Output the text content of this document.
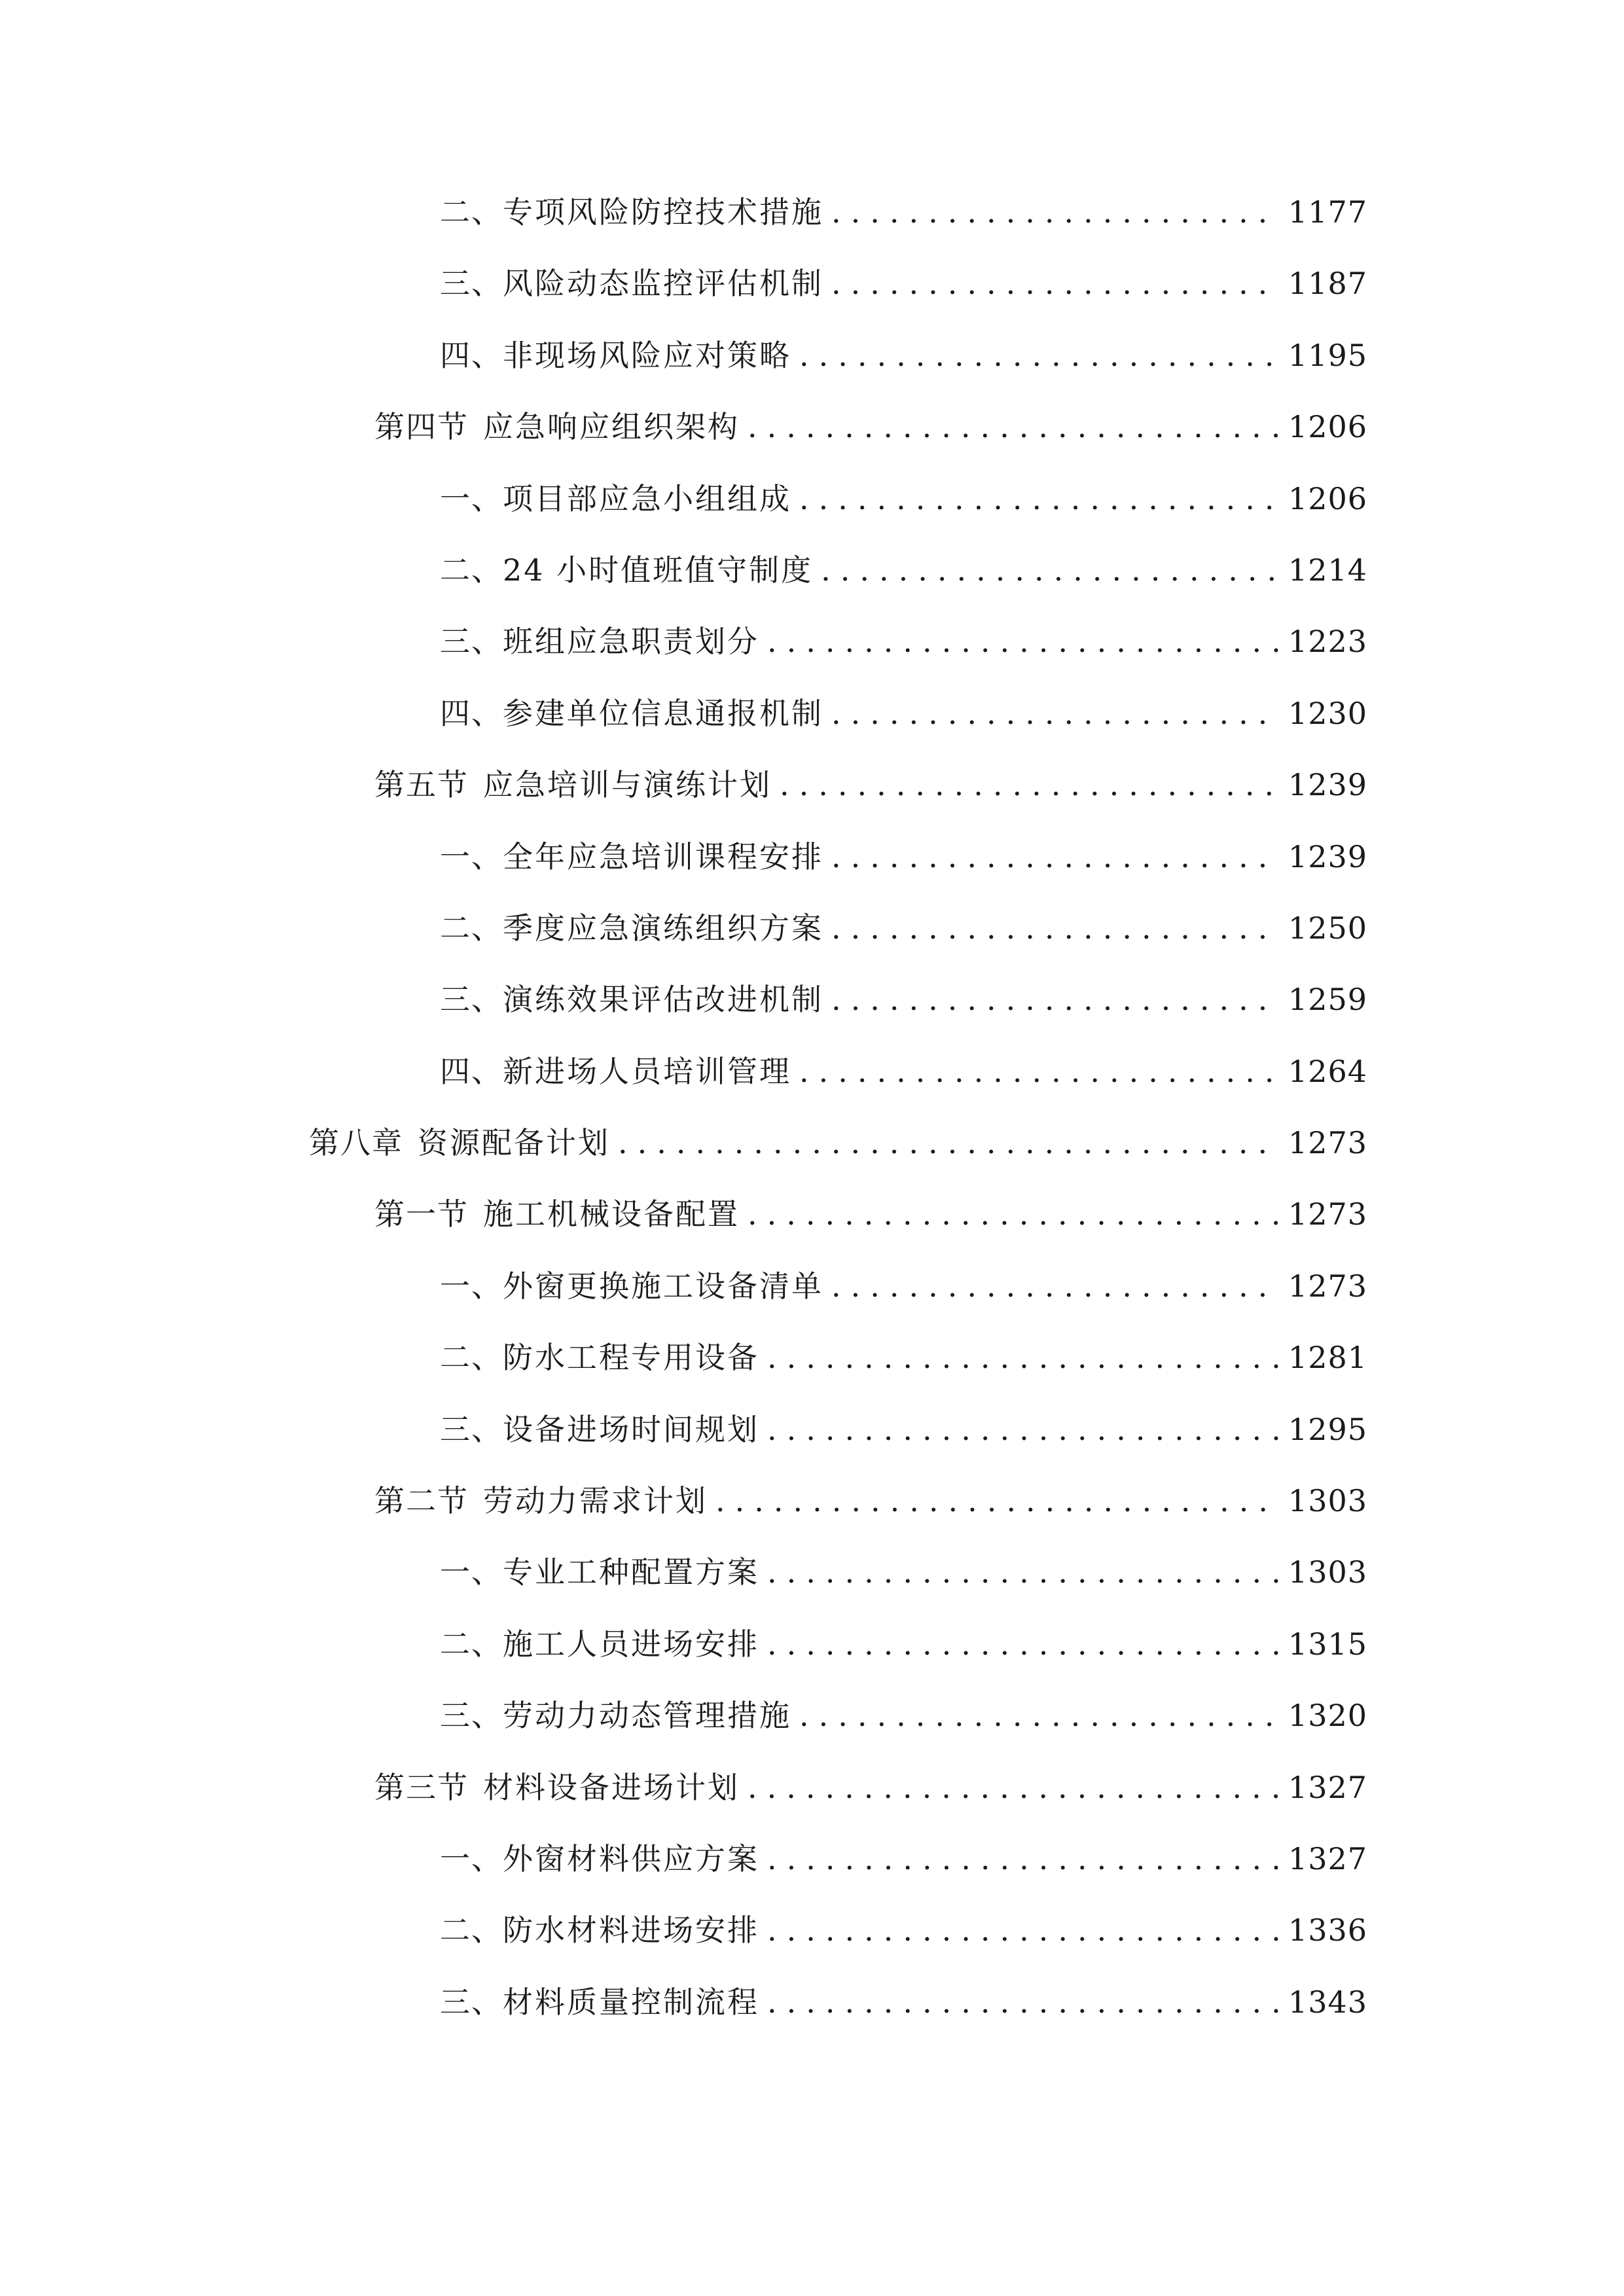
二、 专项风险防控技术措施 .....	1177
三、 风险动态监控评估机制 .....	1187
四、 非现场风险应对策略 .....	1195
第四节 应急响应组织架构 .....	1206
一、 项目部应急小组组成 .....	1206
二、 24 小时值班值守制度 .....	1214
三、 班组应急职责划分 .....	1223
四、 参建单位信息通报机制 .....	1230
第五节 应急培训与演练计划 .....	1239
一、 全年应急培训课程安排 .....	1239
二、 季度应急演练组织方案 .....	1250
三、 演练效果评估改进机制 .....	1259
四、 新进场人员培训管理 .....	1264
第八章 资源配备计划 .....	1273
第一节 施工机械设备配置 .....	1273
一、 外窗更换施工设备清单 .....	1273
二、 防水工程专用设备 .....	1281
三、 设备进场时间规划 .....	1295
第二节 劳动力需求计划 .....	1303
一、 专业工种配置方案 .....	1303
二、 施工人员进场安排 .....	1315
三、 劳动力动态管理措施 .....	1320
第三节 材料设备进场计划 .....	1327
一、 外窗材料供应方案 .....	1327
二、 防水材料进场安排 .....	1336
三、 材料质量控制流程 .....	1343
